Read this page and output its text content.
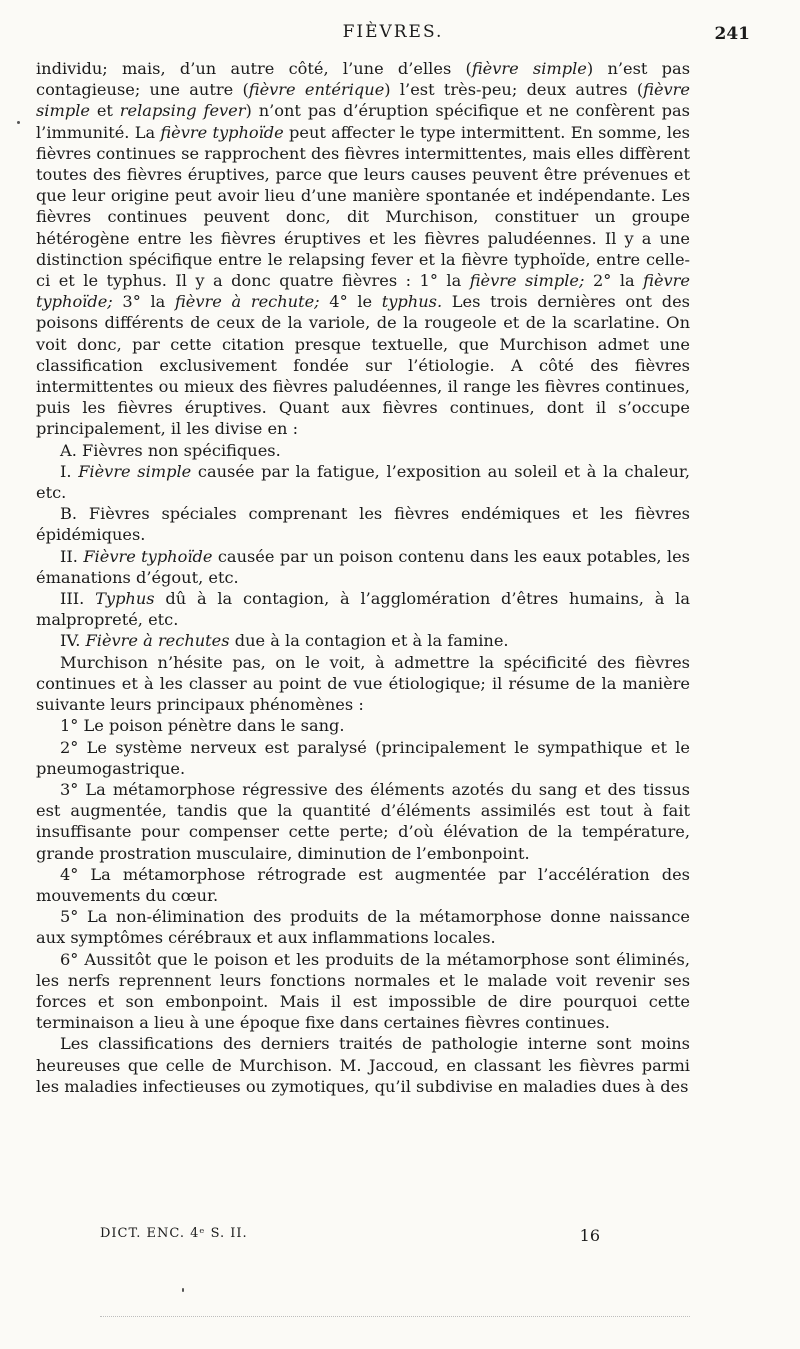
FIÈVRES.	241

individu; mais, d’un autre côté, l’une d’elles (fièvre simple) n’est pas contagieuse; une autre (fièvre entérique) l’est très-peu; deux autres (fièvre simple et relapsing fever) n’ont pas d’éruption spécifique et ne confèrent pas l’immunité. La fièvre typhoïde peut affecter le type intermittent. En somme, les fièvres continues se rapprochent des fièvres intermittentes, mais elles diffèrent toutes des fièvres éruptives, parce que leurs causes peuvent être prévenues et que leur origine peut avoir lieu d’une manière spontanée et indépendante. Les fièvres continues peuvent donc, dit Murchison, constituer un groupe hétérogène entre les fièvres éruptives et les fièvres paludéennes. Il y a une distinction spécifique entre le relapsing fever et la fièvre typhoïde, entre celle-ci et le typhus. Il y a donc quatre fièvres : 1° la fièvre simple; 2° la fièvre typhoïde; 3° la fièvre à rechute; 4° le typhus. Les trois dernières ont des poisons différents de ceux de la variole, de la rougeole et de la scarlatine. On voit donc, par cette citation presque textuelle, que Murchison admet une classification exclusivement fondée sur l’étiologie. A côté des fièvres intermittentes ou mieux des fièvres paludéennes, il range les fièvres continues, puis les fièvres éruptives. Quant aux fièvres continues, dont il s’occupe principalement, il les divise en :

A. Fièvres non spécifiques.

I. Fièvre simple causée par la fatigue, l’exposition au soleil et à la chaleur, etc.

B. Fièvres spéciales comprenant les fièvres endémiques et les fièvres épidémiques.

II. Fièvre typhoïde causée par un poison contenu dans les eaux potables, les émanations d’égout, etc.

III. Typhus dû à la contagion, à l’agglomération d’êtres humains, à la malpropreté, etc.

IV. Fièvre à rechutes due à la contagion et à la famine.

Murchison n’hésite pas, on le voit, à admettre la spécificité des fièvres continues et à les classer au point de vue étiologique; il résume de la manière suivante leurs principaux phénomènes :

1° Le poison pénètre dans le sang.

2° Le système nerveux est paralysé (principalement le sympathique et le pneumogastrique.

3° La métamorphose régressive des éléments azotés du sang et des tissus est augmentée, tandis que la quantité d’éléments assimilés est tout à fait insuffisante pour compenser cette perte; d’où élévation de la température, grande prostration musculaire, diminution de l’embonpoint.

4° La métamorphose rétrograde est augmentée par l’accélération des mouvements du cœur.

5° La non-élimination des produits de la métamorphose donne naissance aux symptômes cérébraux et aux inflammations locales.

6° Aussitôt que le poison et les produits de la métamorphose sont éliminés, les nerfs reprennent leurs fonctions normales et le malade voit revenir ses forces et son embonpoint. Mais il est impossible de dire pourquoi cette terminaison a lieu à une époque fixe dans certaines fièvres continues.

Les classifications des derniers traités de pathologie interne sont moins heureuses que celle de Murchison. M. Jaccoud, en classant les fièvres parmi les maladies infectieuses ou zymotiques, qu’il subdivise en maladies dues à des

DICT. ENC. 4ᵉ S. II.	16
